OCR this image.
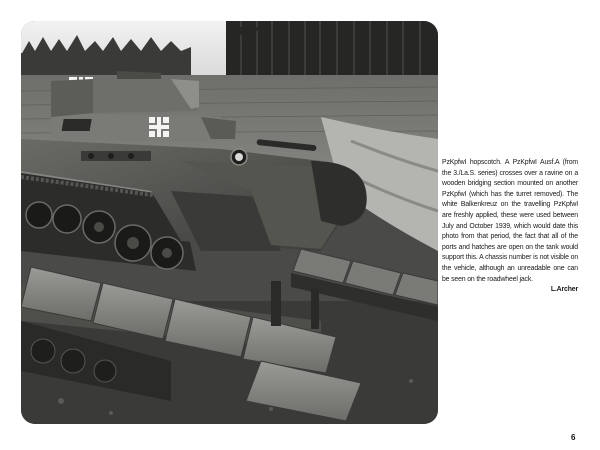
PzKpfwI hopscotch. A PzKpfwI Ausf.A (from the 3./La.S. series) crosses over a ravine on a wooden bridging section mounted on another PzKpfwI (which has the turret removed). The white Balkenkreuz on the travelling PzKpfwI are freshly applied, these were used between July and October 1939, which would date this photo from that period, the fact that all of the ports and hatches are open on the tank would support this. A chassis number is not visible on the vehicle, although an unreadable one can be seen on the roadwheel jack.
L.Archer
6
